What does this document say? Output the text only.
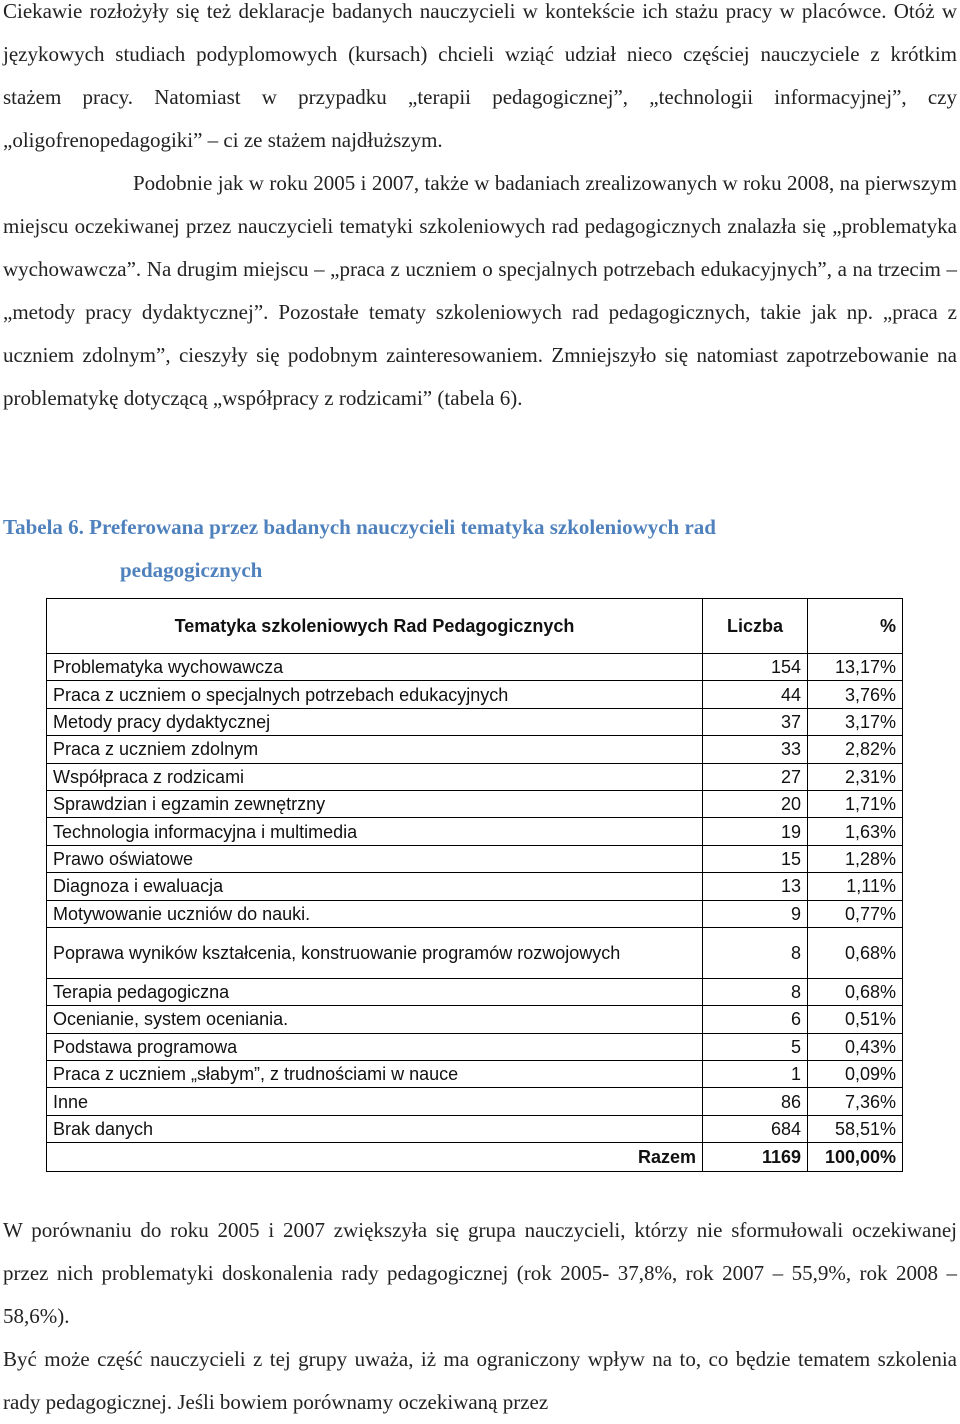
Ciekawie rozłożyły się też deklaracje badanych nauczycieli w kontekście ich stażu pracy w placówce. Otóż w językowych studiach podyplomowych (kursach) chcieli wziąć udział nieco częściej nauczyciele z krótkim stażem pracy. Natomiast w przypadku „terapii pedagogicznej”, „technologii informacyjnej”, czy „oligofrenopedagogiki” – ci ze stażem najdłuższym.

Podobnie jak w roku 2005 i 2007, także w badaniach zrealizowanych w roku 2008, na pierwszym miejscu oczekiwanej przez nauczycieli tematyki szkoleniowych rad pedagogicznych znalazła się „problematyka wychowawcza”. Na drugim miejscu – „praca z uczniem o specjalnych potrzebach edukacyjnych”, a na trzecim – „metody pracy dydaktycznej”. Pozostałe tematy szkoleniowych rad pedagogicznych, takie jak np. „praca z uczniem zdolnym”, cieszyły się podobnym zainteresowaniem. Zmniejszyło się natomiast zapotrzebowanie na problematykę dotyczącą „współpracy z rodzicami” (tabela 6).

Tabela 6. Preferowana przez badanych nauczycieli tematyka szkoleniowych rad

pedagogicznych

Tematyka szkoleniowych Rad Pedagogicznych	Liczba	%
Problematyka wychowawcza	154	13,17%
Praca z uczniem o specjalnych potrzebach edukacyjnych	44	3,76%
Metody pracy dydaktycznej	37	3,17%
Praca z uczniem zdolnym	33	2,82%
Współpraca z rodzicami	27	2,31%
Sprawdzian i egzamin zewnętrzny	20	1,71%
Technologia informacyjna i multimedia	19	1,63%
Prawo oświatowe	15	1,28%
Diagnoza i ewaluacja	13	1,11%
Motywowanie uczniów do nauki.	9	0,77%
Poprawa wyników kształcenia, konstruowanie programów rozwojowych	8	0,68%
Terapia pedagogiczna	8	0,68%
Ocenianie, system oceniania.	6	0,51%
Podstawa programowa	5	0,43%
Praca z uczniem „słabym”, z trudnościami w nauce	1	0,09%
Inne	86	7,36%
Brak danych	684	58,51%
Razem	1169	100,00%

W porównaniu do roku 2005 i 2007 zwiększyła się grupa nauczycieli, którzy nie sformułowali oczekiwanej przez nich problematyki doskonalenia rady pedagogicznej (rok 2005- 37,8%, rok 2007 – 55,9%, rok 2008 – 58,6%).

Być może część nauczycieli z tej grupy uważa, iż ma ograniczony wpływ na to, co będzie tematem szkolenia rady pedagogicznej. Jeśli bowiem porównamy oczekiwaną przez
